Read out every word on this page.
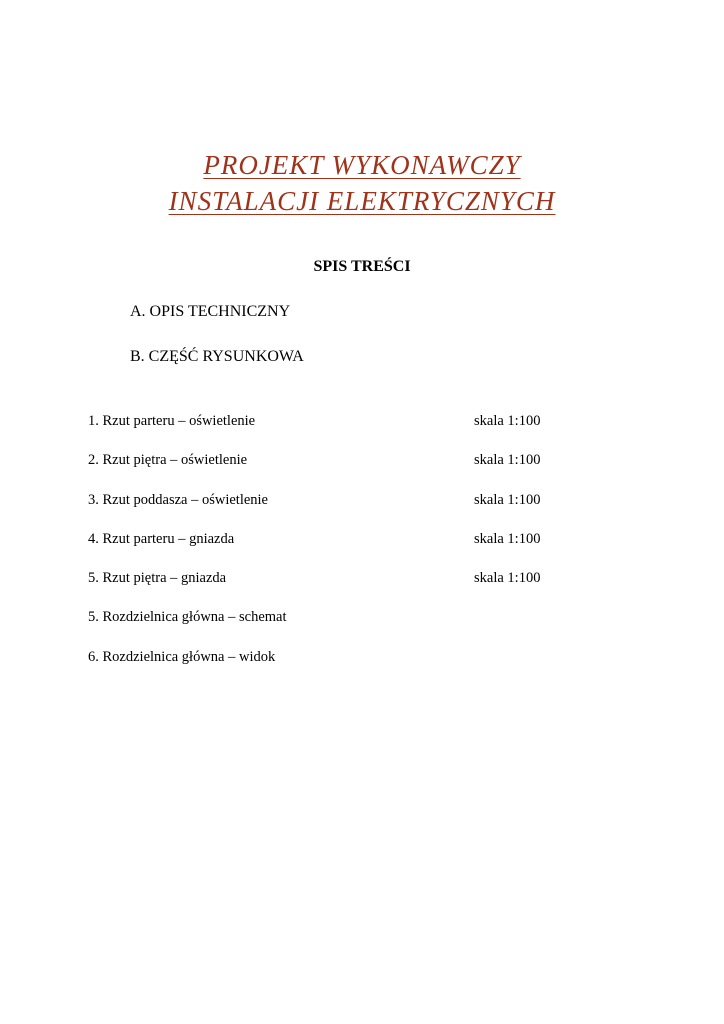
PROJEKT WYKONAWCZY
INSTALACJI ELEKTRYCZNYCH
SPIS TREŚCI
A. OPIS TECHNICZNY
B. CZĘŚĆ RYSUNKOWA
1. Rzut parteru – oświetlenie	skala 1:100
2. Rzut piętra – oświetlenie	skala 1:100
3. Rzut poddasza – oświetlenie	skala 1:100
4. Rzut parteru – gniazda	skala 1:100
5. Rzut piętra – gniazda	skala 1:100
5. Rozdzielnica główna – schemat
6. Rozdzielnica główna – widok
